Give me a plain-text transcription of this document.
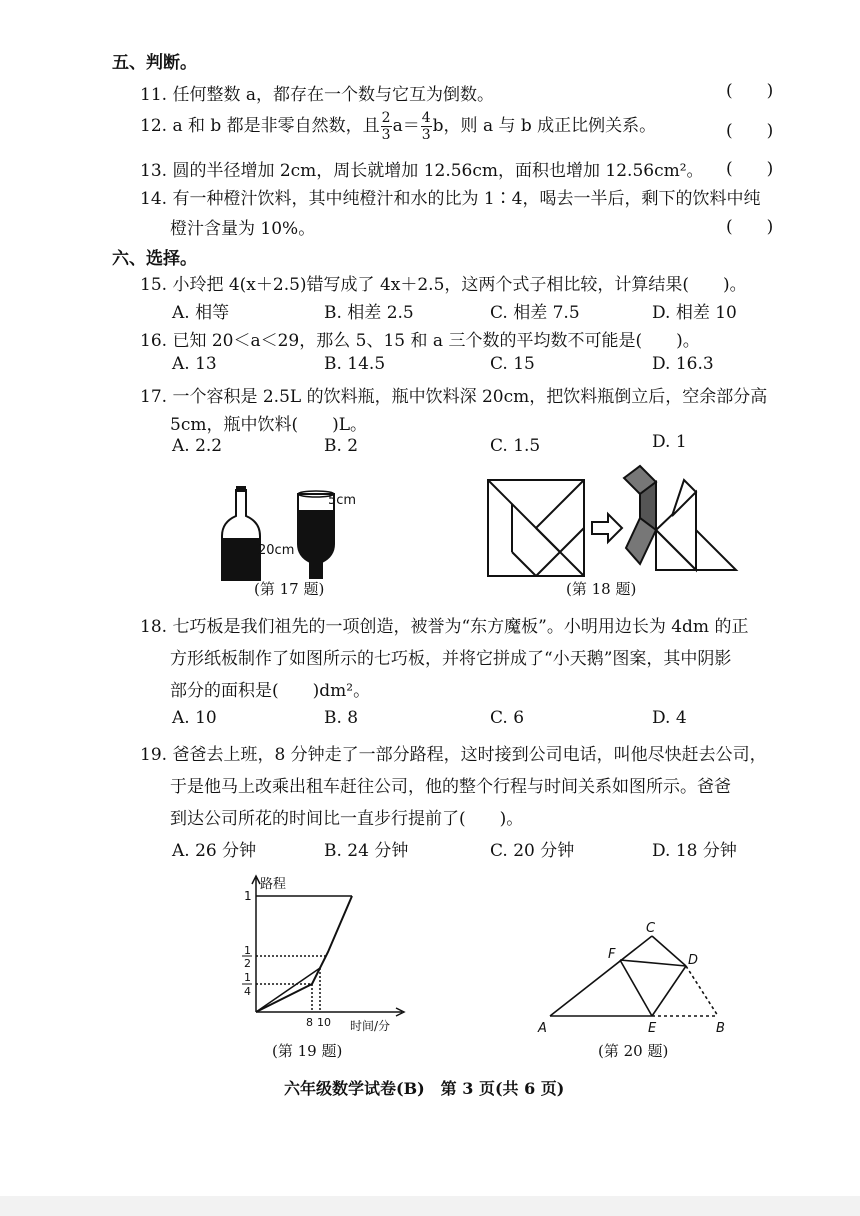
五、判断。
11. 任何整数 a，都存在一个数与它互为倒数。	(　　)
12. a 和 b 都是非零自然数，且 $\frac{2}{3} a= \frac{4}{3}$ b，则 a 与 b 成正比例关系。	(　　)
13. 圆的半径增加 2cm，周长就增加 12.56cm，面积也增加 12.56cm²。 (　　)
14. 有一种橙汁饮料，其中纯橙汁和水的比为 1∶4，喝去一半后，剩下的饮料中纯
橙汁含量为 10%。	(　　)
六、选择。
15. 小玲把 4(x＋2.5)错写成了 4x＋2.5，这两个式子相比较，计算结果(　　)。
A. 相等	B. 相差 2.5	C. 相差 7.5	D. 相差 10
16. 已知 20＜a＜29，那么 5、15 和 a 三个数的平均数不可能是(　　)。
A. 13	B. 14.5	C. 15	D. 16.3
17. 一个容积是 2.5L 的饮料瓶，瓶中饮料深 20cm，把饮料瓶倒立后，空余部分高
5cm，瓶中饮料(　　)L。
A. 2.2	B. 2	C. 1.5	D. 1
5cm
20cm
(第 17 题)	(第 18 题)
18. 七巧板是我们祖先的一项创造，被誉为“东方魔板”。小明用边长为 4dm 的正
方形纸板制作了如图所示的七巧板，并将它拼成了“小天鹅”图案，其中阴影
部分的面积是(　　)dm²。
A. 10	B. 8	C. 6	D. 4
19. 爸爸去上班，8 分钟走了一部分路程，这时接到公司电话，叫他尽快赶去公司，
于是他马上改乘出租车赶往公司，他的整个行程与时间关系如图所示。爸爸
到达公司所花的时间比一直步行提前了(　　)。
A. 26 分钟	B. 24 分钟	C. 20 分钟	D. 18 分钟
路程
时间/分
1
1
2
1
4
8 10
(第 19 题)
A	B
C
D
E
F
(第 20 题)
六年级数学试卷(B)　第 3 页(共 6 页)
